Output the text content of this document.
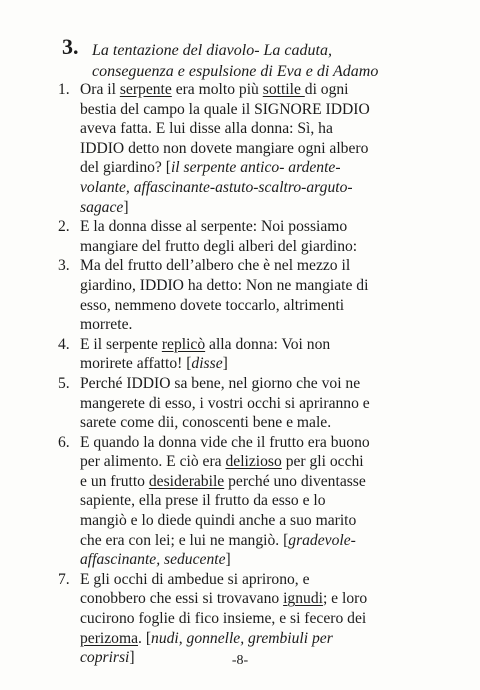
3. La tentazione del diavolo- La caduta,
conseguenza e espulsione di Eva e di Adamo
1. Ora il serpente era molto più sottile di ogni
bestia del campo la quale il SIGNORE IDDIO
aveva fatta. E lui disse alla donna: Sì, ha
IDDIO detto non dovete mangiare ogni albero
del giardino? [il serpente antico- ardente-
volante, affascinante-astuto-scaltro-arguto-
sagace]
2. E la donna disse al serpente: Noi possiamo
mangiare del frutto degli alberi del giardino:
3. Ma del frutto dell’albero che è nel mezzo il
giardino, IDDIO ha detto: Non ne mangiate di
esso, nemmeno dovete toccarlo, altrimenti
morrete.
4. E il serpente replicò alla donna: Voi non
morirete affatto! [disse]
5. Perché IDDIO sa bene, nel giorno che voi ne
mangerete di esso, i vostri occhi si apriranno e
sarete come dii, conoscenti bene e male.
6. E quando la donna vide che il frutto era buono
per alimento. E ciò era delizioso per gli occhi
e un frutto desiderabile perché uno diventasse
sapiente, ella prese il frutto da esso e lo
mangiò e lo diede quindi anche a suo marito
che era con lei; e lui ne mangiò. [gradevole-
affascinante, seducente]
7. E gli occhi di ambedue si aprirono, e
conobbero che essi si trovavano ignudi; e loro
cucirono foglie di fico insieme, e si fecero dei
perizoma. [nudi, gonnelle, grembiuli per
coprirsi]	-8-
